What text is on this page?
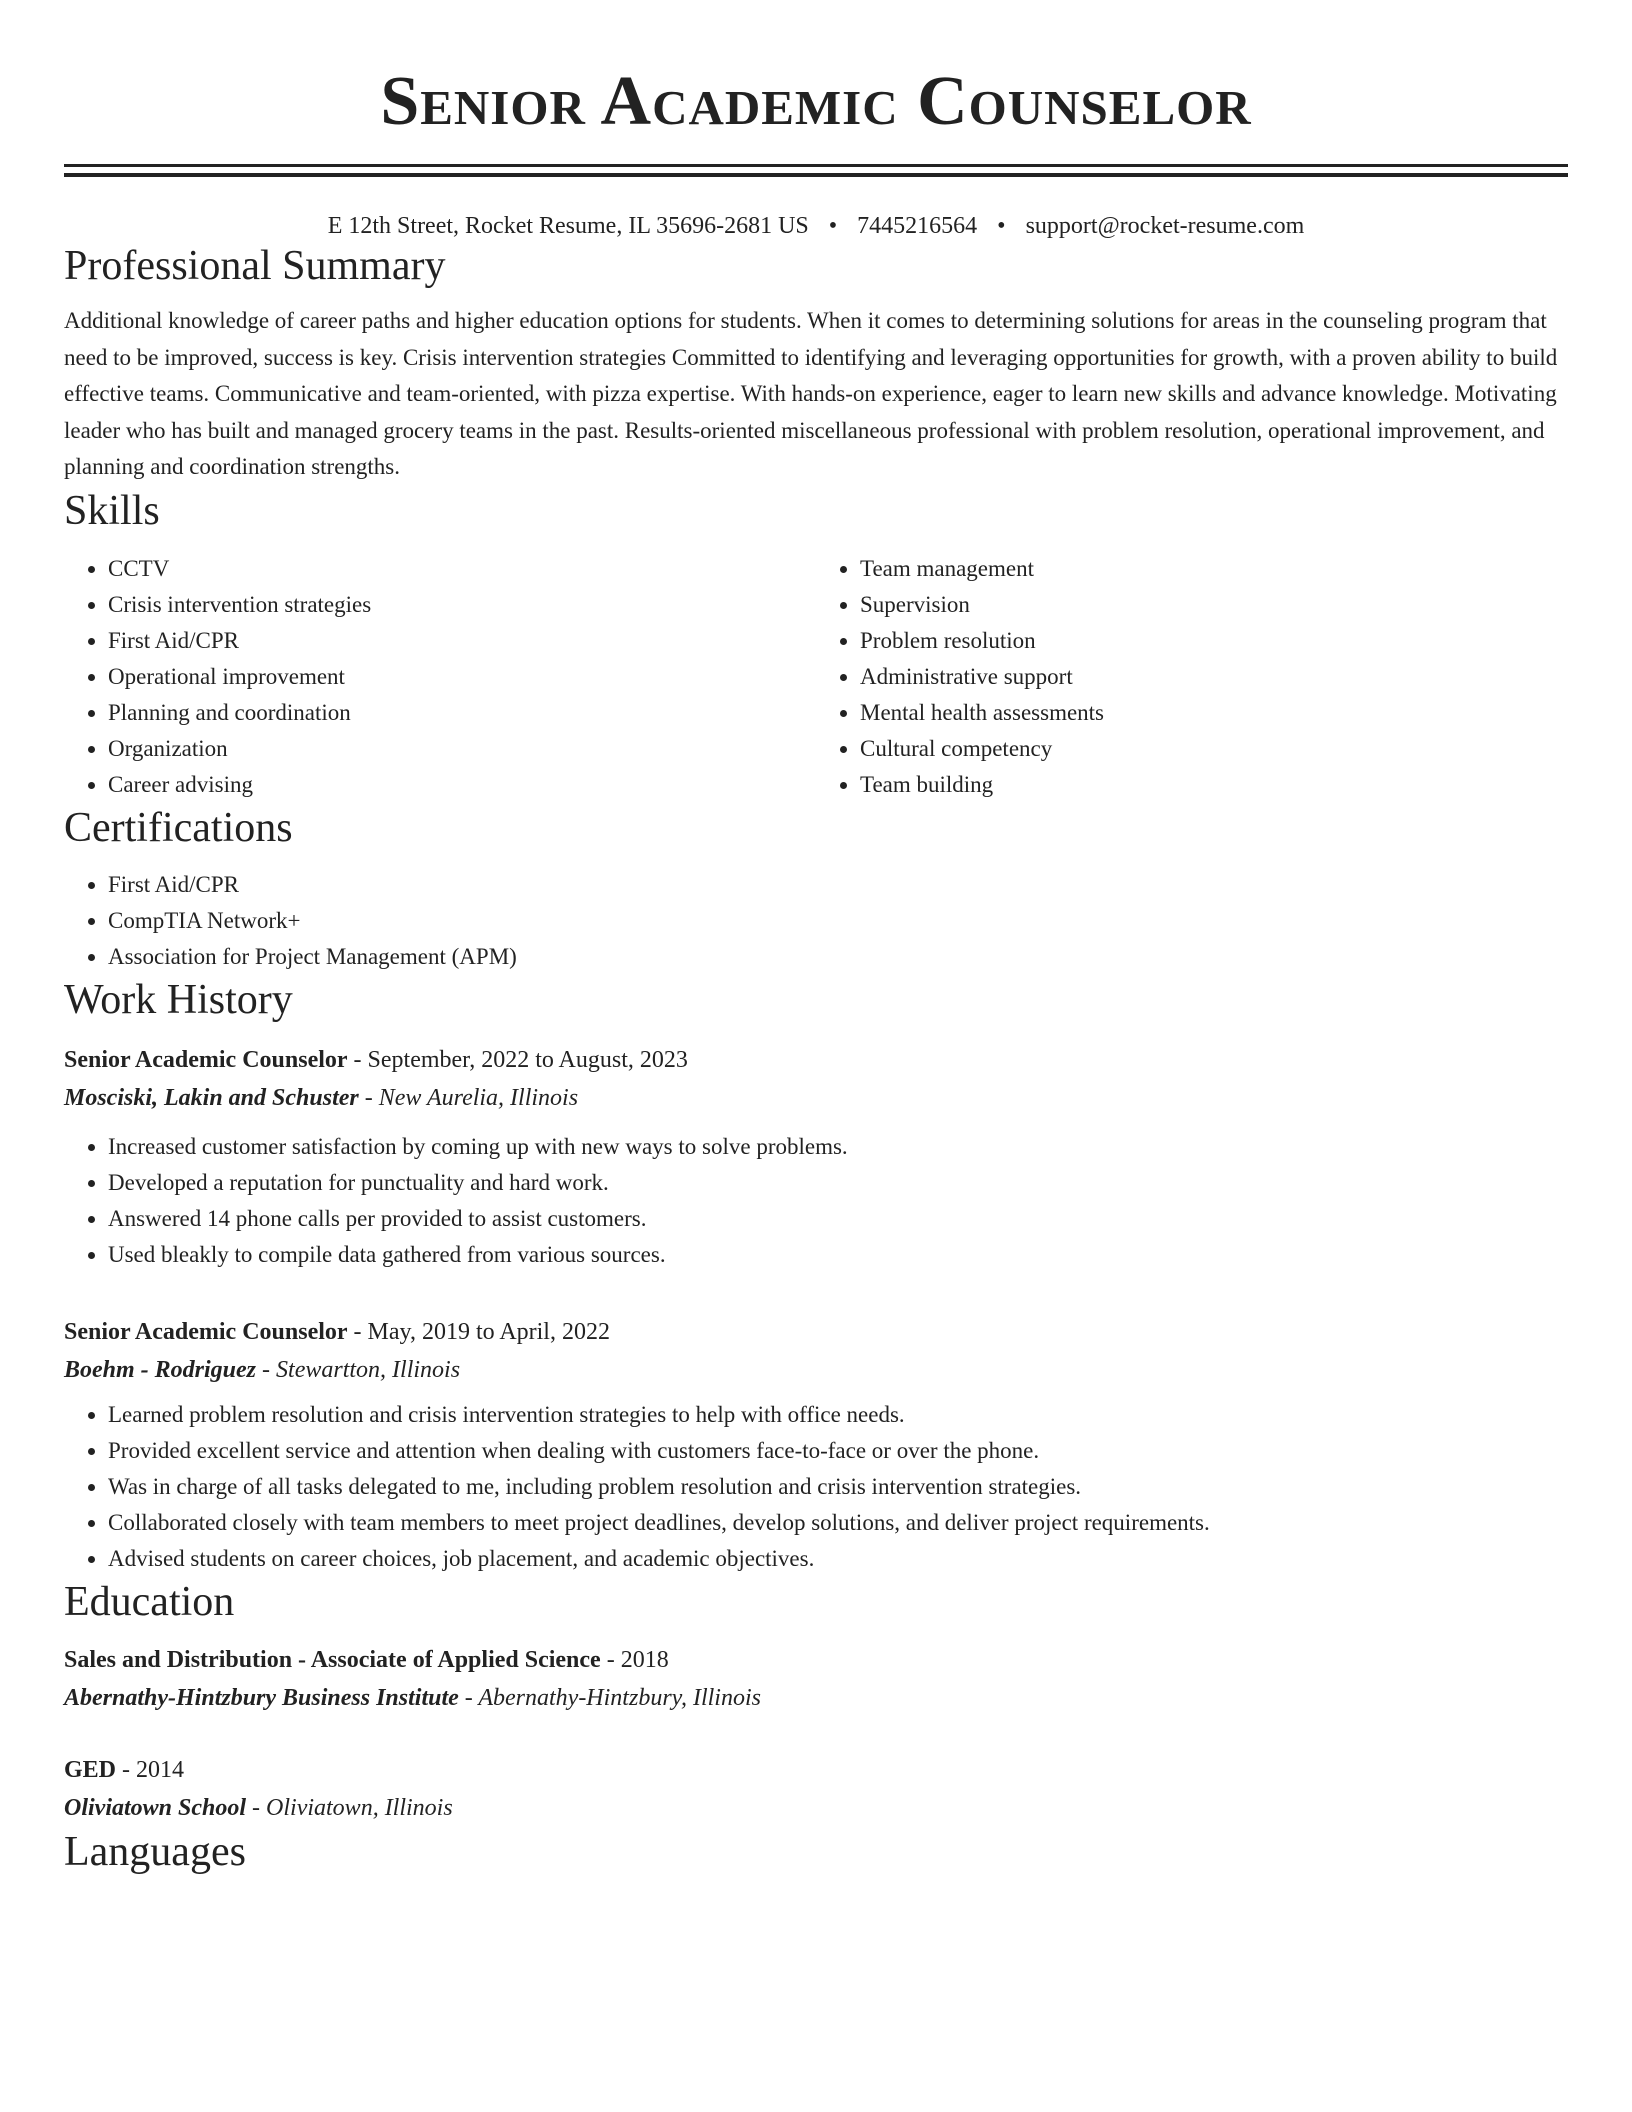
Senior Academic Counselor
E 12th Street, Rocket Resume, IL 35696-2681 US • 7445216564 • support@rocket-resume.com
Professional Summary
Additional knowledge of career paths and higher education options for students. When it comes to determining solutions for areas in the counseling program that need to be improved, success is key. Crisis intervention strategies Committed to identifying and leveraging opportunities for growth, with a proven ability to build effective teams. Communicative and team-oriented, with pizza expertise. With hands-on experience, eager to learn new skills and advance knowledge. Motivating leader who has built and managed grocery teams in the past. Results-oriented miscellaneous professional with problem resolution, operational improvement, and planning and coordination strengths.
Skills
• CCTV
• Crisis intervention strategies
• First Aid/CPR
• Operational improvement
• Planning and coordination
• Organization
• Career advising
• Team management
• Supervision
• Problem resolution
• Administrative support
• Mental health assessments
• Cultural competency
• Team building
Certifications
• First Aid/CPR
• CompTIA Network+
• Association for Project Management (APM)
Work History
Senior Academic Counselor - September, 2022 to August, 2023
Mosciski, Lakin and Schuster - New Aurelia, Illinois
• Increased customer satisfaction by coming up with new ways to solve problems.
• Developed a reputation for punctuality and hard work.
• Answered 14 phone calls per provided to assist customers.
• Used bleakly to compile data gathered from various sources.
Senior Academic Counselor - May, 2019 to April, 2022
Boehm - Rodriguez - Stewartton, Illinois
• Learned problem resolution and crisis intervention strategies to help with office needs.
• Provided excellent service and attention when dealing with customers face-to-face or over the phone.
• Was in charge of all tasks delegated to me, including problem resolution and crisis intervention strategies.
• Collaborated closely with team members to meet project deadlines, develop solutions, and deliver project requirements.
• Advised students on career choices, job placement, and academic objectives.
Education
Sales and Distribution - Associate of Applied Science - 2018
Abernathy-Hintzbury Business Institute - Abernathy-Hintzbury, Illinois
GED - 2014
Oliviatown School - Oliviatown, Illinois
Languages
